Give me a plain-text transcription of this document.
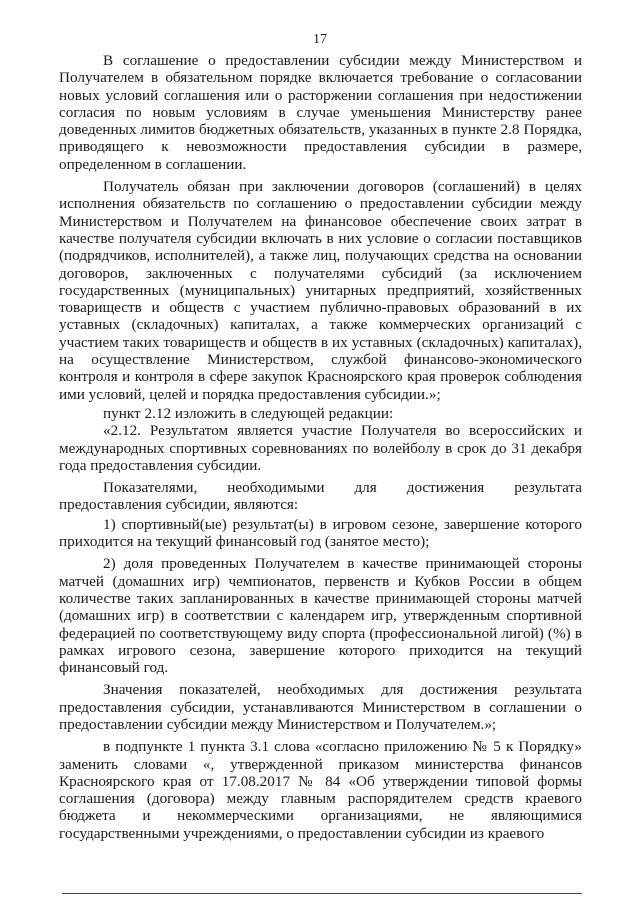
17

В соглашение о предоставлении субсидии между Министерством и Получателем в обязательном порядке включается требование о согласовании новых условий соглашения или о расторжении соглашения при недостижении согласия по новым условиям в случае уменьшения Министерству ранее доведенных лимитов бюджетных обязательств, указанных в пункте 2.8 Порядка, приводящего к невозможности предоставления субсидии в размере, определенном в соглашении.

Получатель обязан при заключении договоров (соглашений) в целях исполнения обязательств по соглашению о предоставлении субсидии между Министерством и Получателем на финансовое обеспечение своих затрат в качестве получателя субсидии включать в них условие о согласии поставщиков (подрядчиков, исполнителей), а также лиц, получающих средства на основании договоров, заключенных с получателями субсидий (за исключением государственных (муниципальных) унитарных предприятий, хозяйственных товариществ и обществ с участием публично-правовых образований в их уставных (складочных) капиталах, а также коммерческих организаций с участием таких товариществ и обществ в их уставных (складочных) капиталах), на осуществление Министерством, службой финансово-экономического контроля и контроля в сфере закупок Красноярского края проверок соблюдения ими условий, целей и порядка предоставления субсидии.»;

пункт 2.12 изложить в следующей редакции:

«2.12. Результатом является участие Получателя во всероссийских и международных спортивных соревнованиях по волейболу в срок до 31 декабря года предоставления субсидии.

Показателями, необходимыми для достижения результата предоставления субсидии, являются:

1) спортивный(ые) результат(ы) в игровом сезоне, завершение которого приходится на текущий финансовый год (занятое место);

2) доля проведенных Получателем в качестве принимающей стороны матчей (домашних игр) чемпионатов, первенств и Кубков России в общем количестве таких запланированных в качестве принимающей стороны матчей (домашних игр) в соответствии с календарем игр, утвержденным спортивной федерацией по соответствующему виду спорта (профессиональной лигой) (%) в рамках игрового сезона, завершение которого приходится на текущий финансовый год.

Значения показателей, необходимых для достижения результата предоставления субсидии, устанавливаются Министерством в соглашении о предоставлении субсидии между Министерством и Получателем.»;

в подпункте 1 пункта 3.1 слова «согласно приложению № 5 к Порядку» заменить словами «, утвержденной приказом министерства финансов Красноярского края от 17.08.2017 № 84 «Об утверждении типовой формы соглашения (договора) между главным распорядителем средств краевого бюджета и некоммерческими организациями, не являющимися государственными учреждениями, о предоставлении субсидии из краевого
